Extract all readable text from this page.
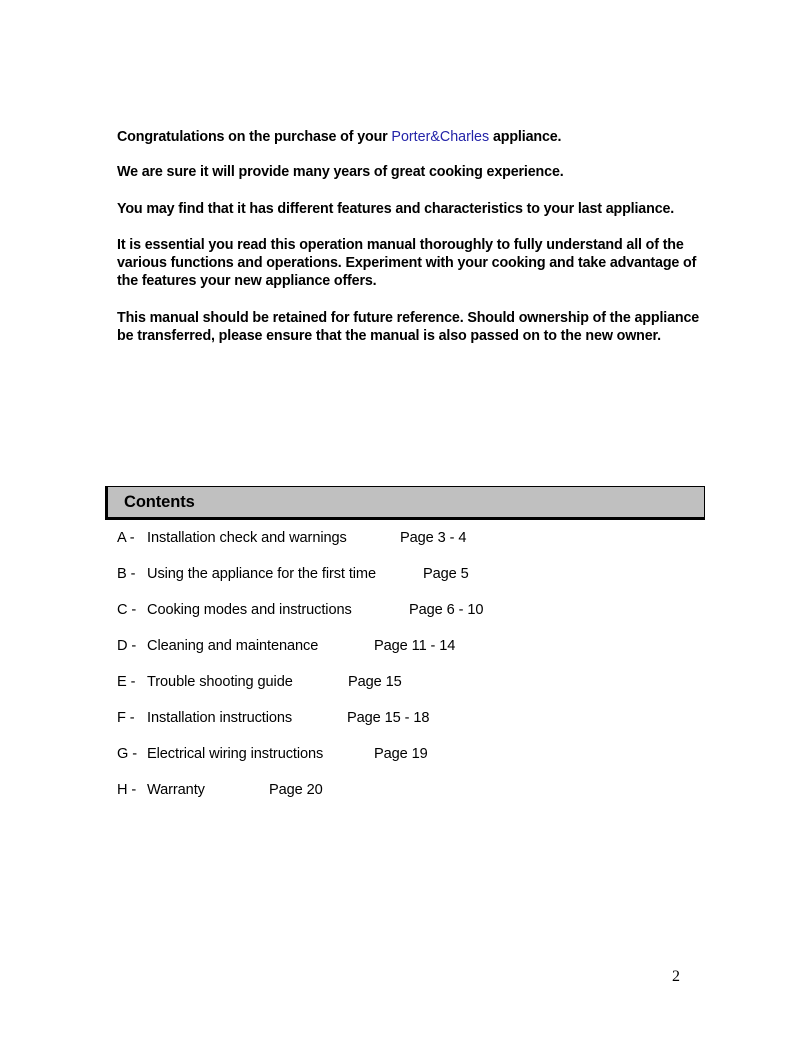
Congratulations on the purchase of your Porter&Charles appliance.

We are sure it will provide many years of great cooking experience.

You may find that it has different features and characteristics to your last appliance.

It is essential you read this operation manual thoroughly to fully understand all of the various functions and operations. Experiment with your cooking and take advantage of the features your new appliance offers.

This manual should be retained for future reference. Should ownership of the appliance be transferred, please ensure that the manual is also passed on to the new owner.

Contents
A - Installation check and warnings	Page 3 - 4
B - Using the appliance for the first time	Page 5
C - Cooking modes and instructions	Page 6 - 10
D - Cleaning and maintenance	Page 11 - 14
E - Trouble shooting guide	Page 15
F - Installation instructions	Page 15 - 18
G - Electrical wiring instructions	Page 19
H - Warranty	Page 20
2
